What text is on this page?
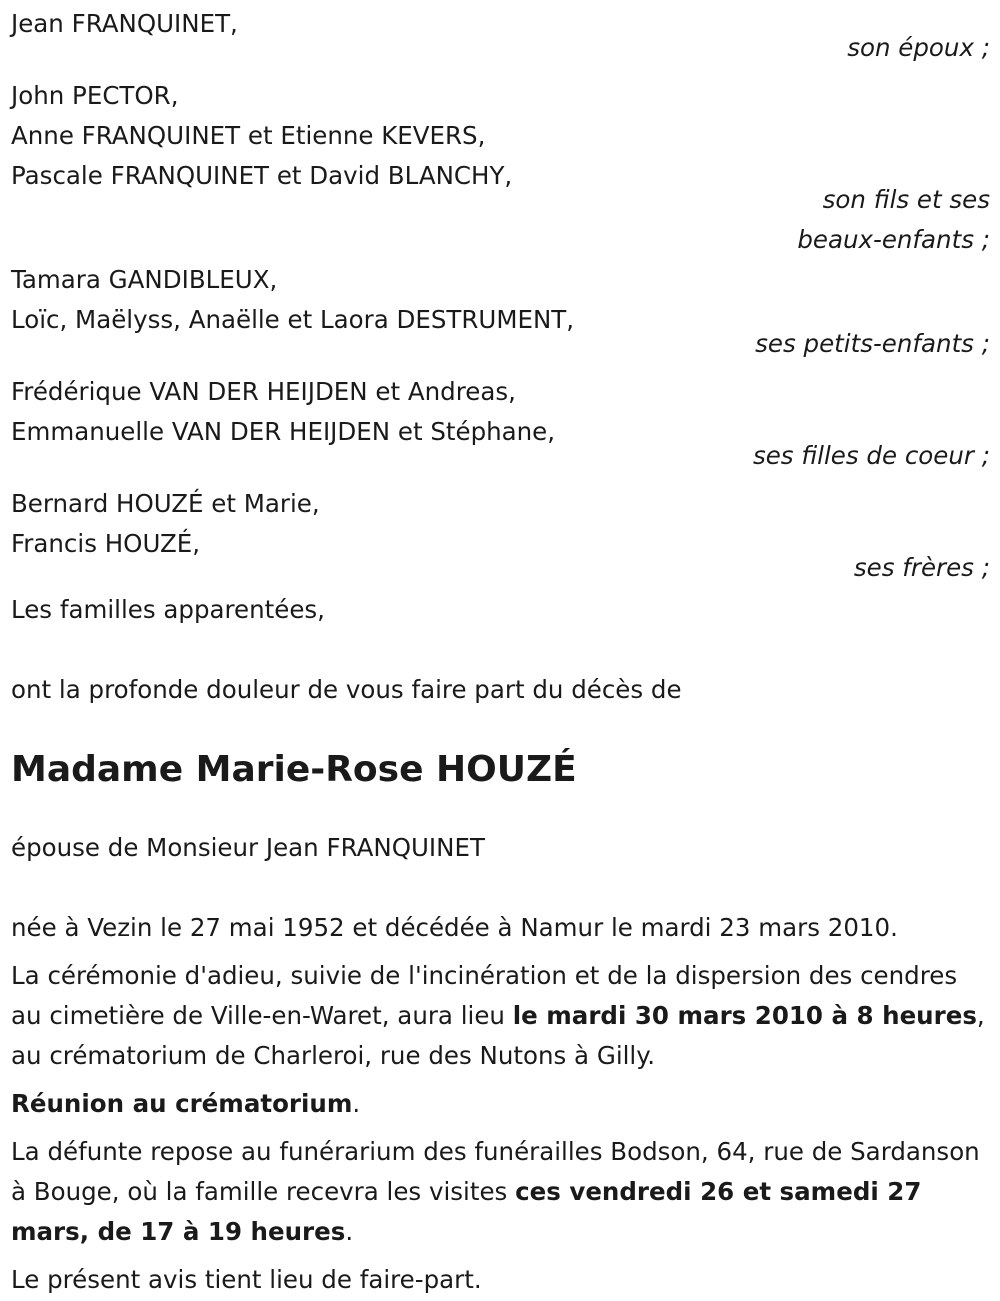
Jean FRANQUINET,
son époux ;
John PECTOR,
Anne FRANQUINET et Etienne KEVERS,
Pascale FRANQUINET et David BLANCHY,
son fils et ses
beaux-enfants ;
Tamara GANDIBLEUX,
Loïc, Maëlyss, Anaëlle et Laora DESTRUMENT,
ses petits-enfants ;
Frédérique VAN DER HEIJDEN et Andreas,
Emmanuelle VAN DER HEIJDEN et Stéphane,
ses filles de coeur ;
Bernard HOUZÉ et Marie,
Francis HOUZÉ,
ses frères ;
Les familles apparentées,
ont la profonde douleur de vous faire part du décès de
Madame Marie-Rose HOUZÉ
épouse de Monsieur Jean FRANQUINET
née à Vezin le 27 mai 1952 et décédée à Namur le mardi 23 mars 2010.
La cérémonie d'adieu, suivie de l'incinération et de la dispersion des cendres au cimetière de Ville-en-Waret, aura lieu le mardi 30 mars 2010 à 8 heures, au crématorium de Charleroi, rue des Nutons à Gilly.
Réunion au crématorium.
La défunte repose au funérarium des funérailles Bodson, 64, rue de Sardanson à Bouge, où la famille recevra les visites ces vendredi 26 et samedi 27 mars, de 17 à 19 heures.
Le présent avis tient lieu de faire-part.
